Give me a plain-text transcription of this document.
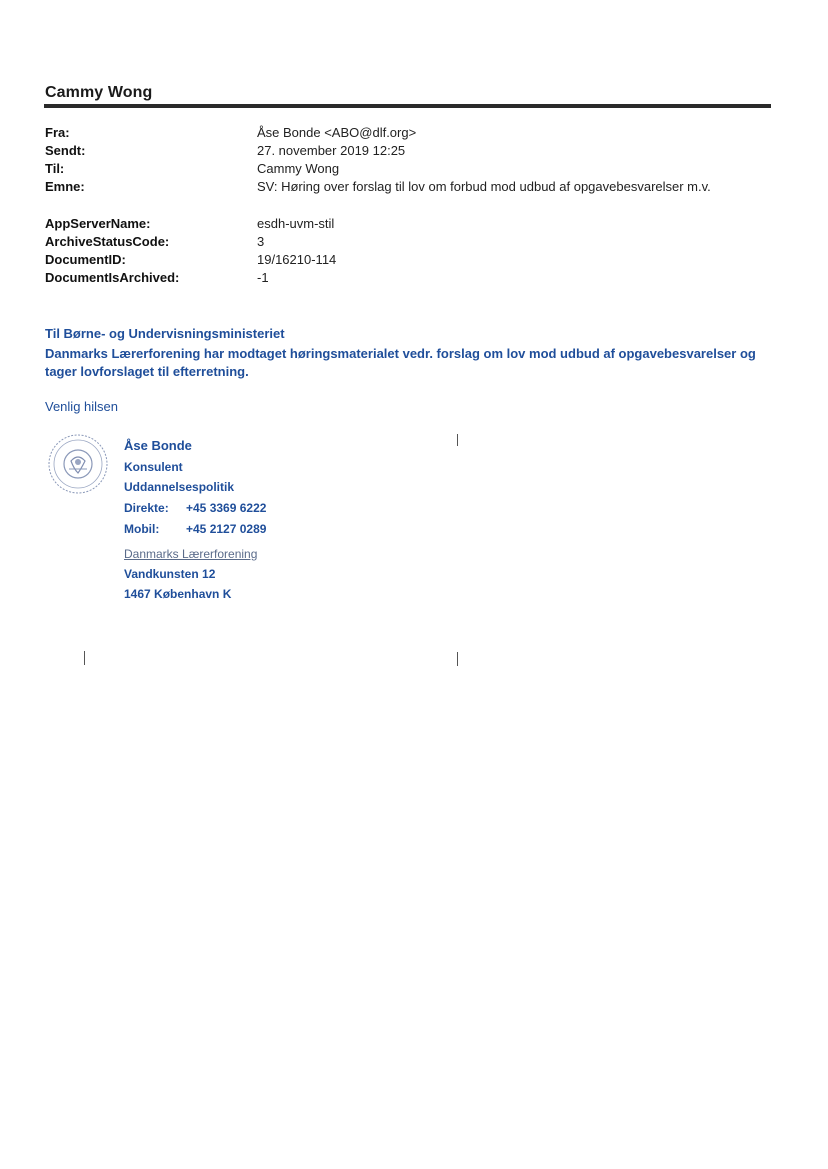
Cammy Wong
Fra:	Åse Bonde <ABO@dlf.org>
Sendt:	27. november 2019 12:25
Til:	Cammy Wong
Emne:	SV: Høring over forslag til lov om forbud mod udbud af opgavebesvarelser m.v.
AppServerName:	esdh-uvm-stil
ArchiveStatusCode:	3
DocumentID:	19/16210-114
DocumentIsArchived:	-1
Til Børne- og Undervisningsministeriet
Danmarks Lærerforening har modtaget høringsmaterialet vedr. forslag om lov mod udbud af opgavebesvarelser og
tager lovforslaget til efterretning.
Venlig hilsen
Åse Bonde
Konsulent
Uddannelsespolitik
Direkte: +45 3369 6222
Mobil: +45 2127 0289
Danmarks Lærerforening
Vandkunsten 12
1467 København K
